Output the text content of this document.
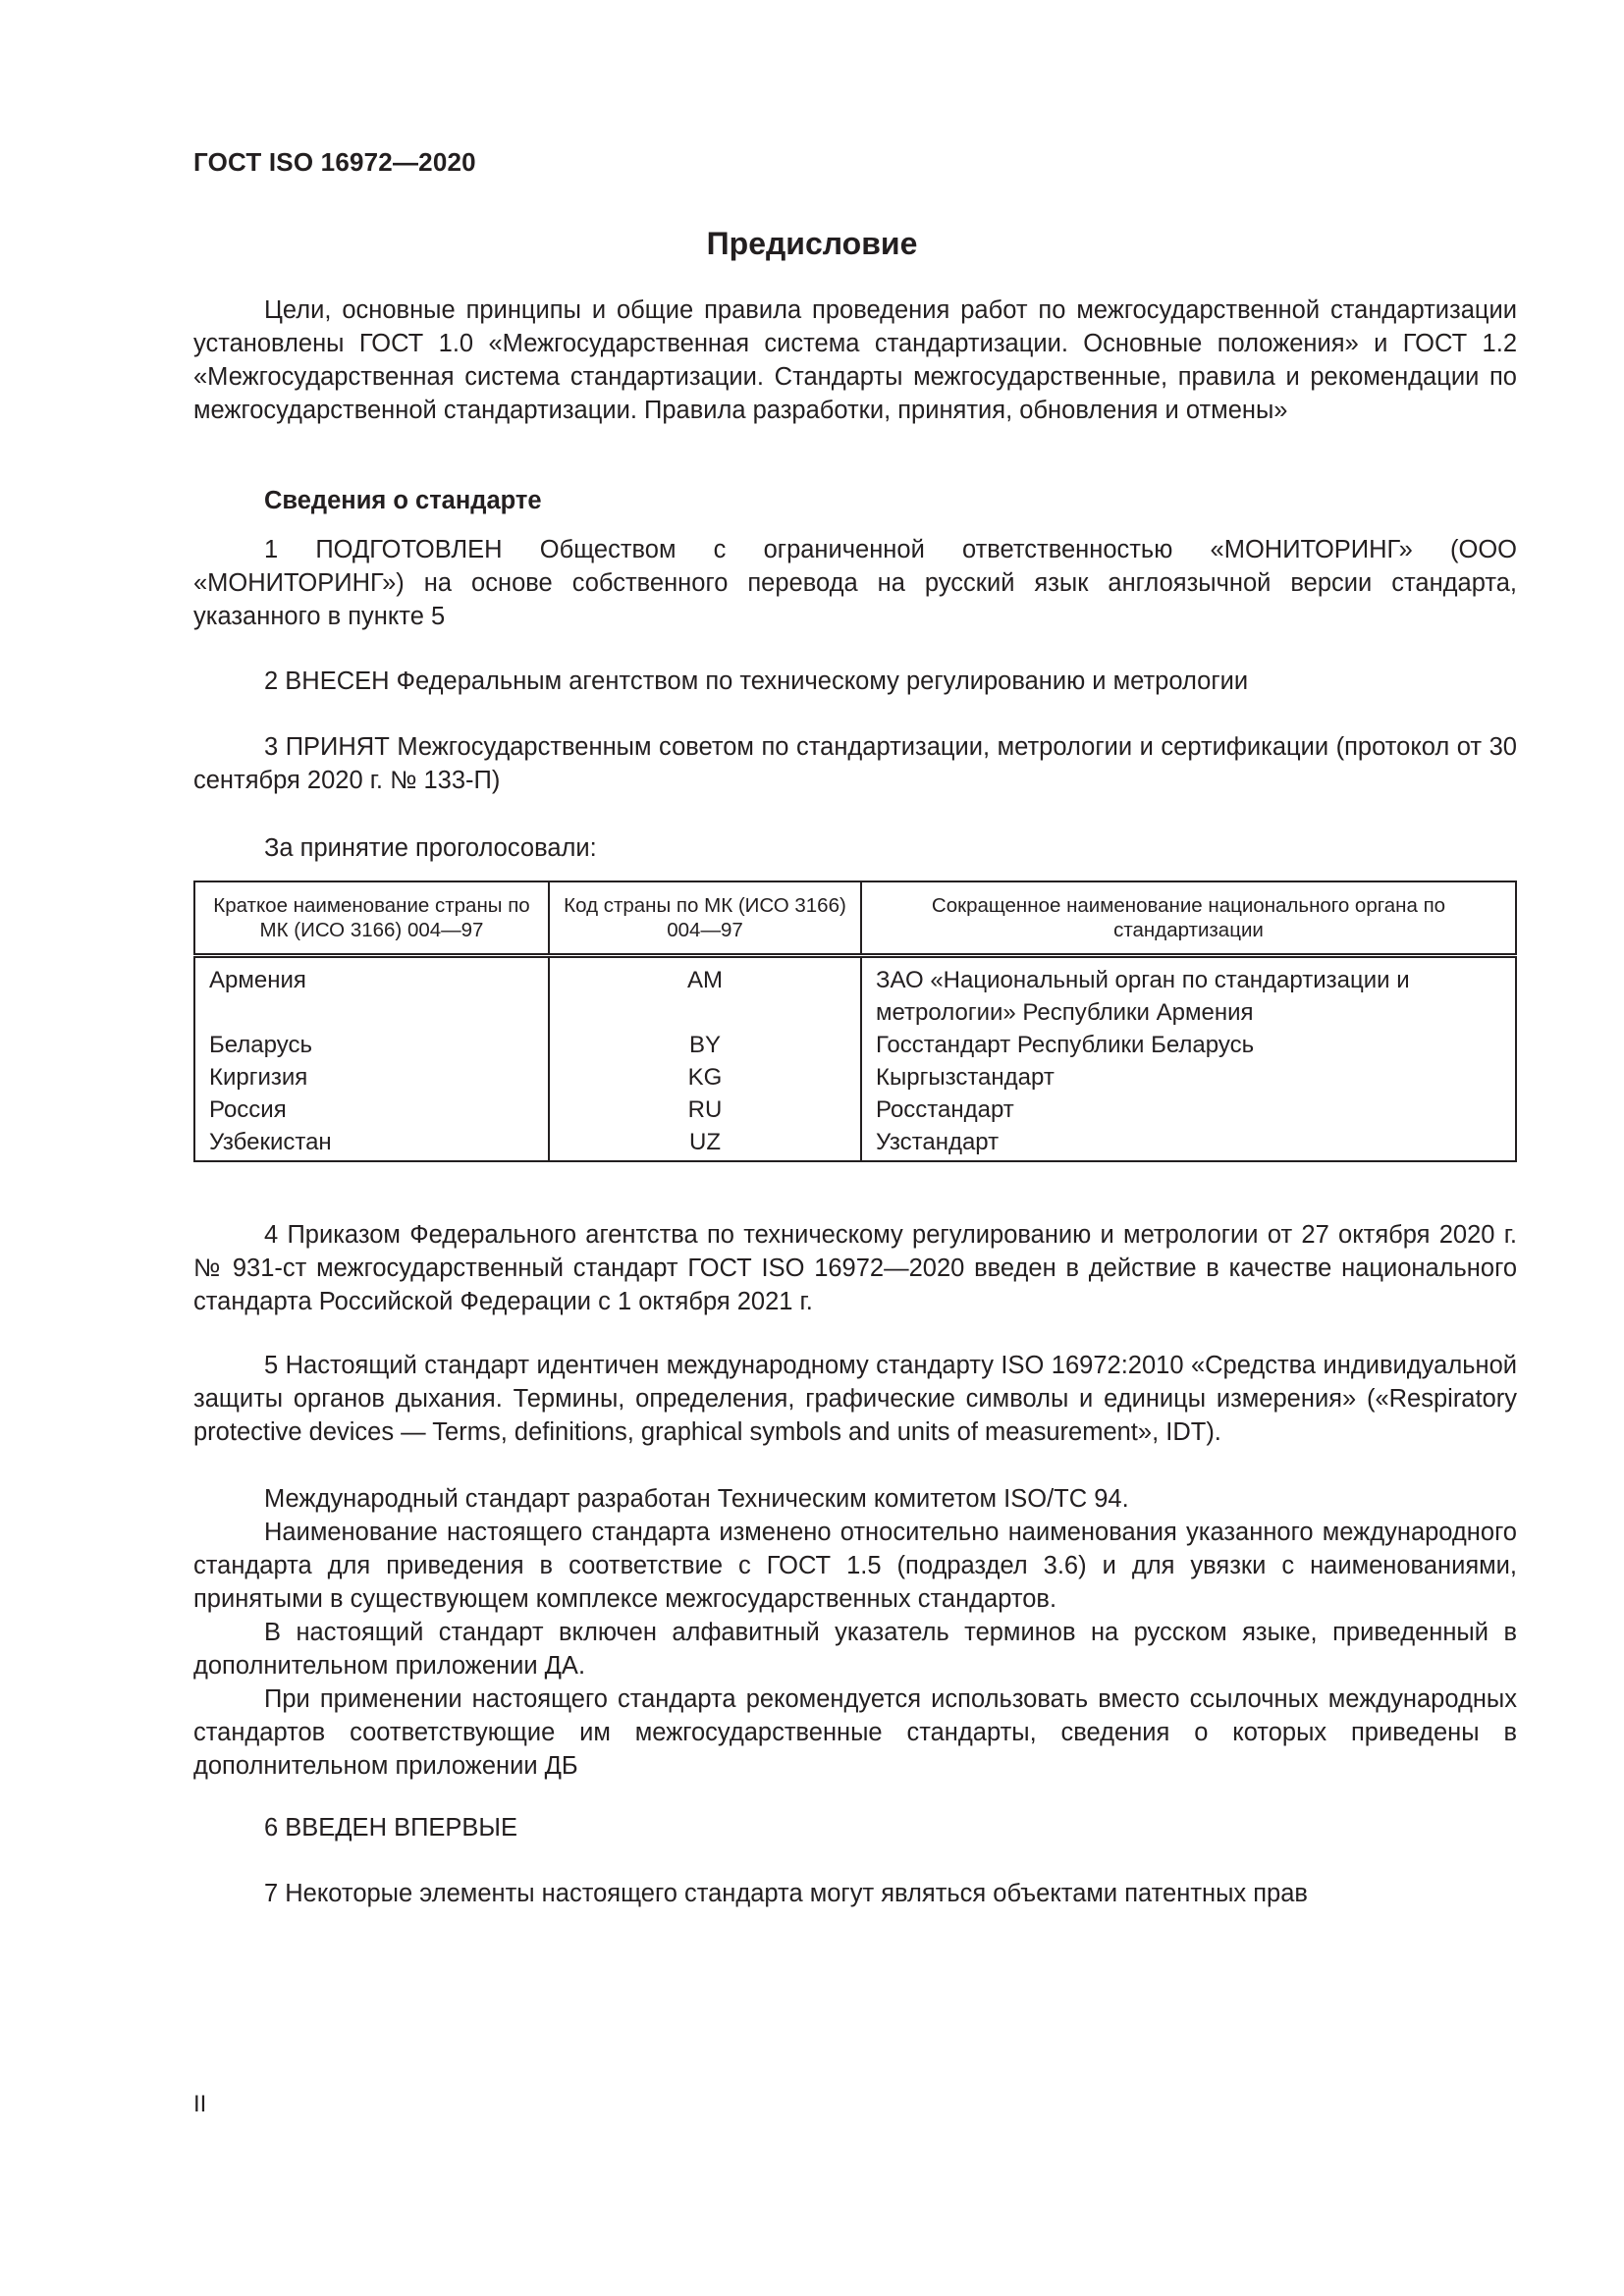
ГОСТ ISO 16972—2020
Предисловие
Цели, основные принципы и общие правила проведения работ по межгосударственной стандартизации установлены ГОСТ 1.0 «Межгосударственная система стандартизации. Основные положения» и ГОСТ 1.2 «Межгосударственная система стандартизации. Стандарты межгосударственные, правила и рекомендации по межгосударственной стандартизации. Правила разработки, принятия, обновления и отмены»
Сведения о стандарте
1 ПОДГОТОВЛЕН Обществом с ограниченной ответственностью «МОНИТОРИНГ» (ООО «МОНИТОРИНГ») на основе собственного перевода на русский язык англоязычной версии стандарта, указанного в пункте 5
2 ВНЕСЕН Федеральным агентством по техническому регулированию и метрологии
3 ПРИНЯТ Межгосударственным советом по стандартизации, метрологии и сертификации (протокол от 30 сентября 2020 г. № 133-П)
За принятие проголосовали:
Краткое наименование страны по МК (ИСО 3166) 004—97	Код страны по МК (ИСО 3166) 004—97	Сокращенное наименование национального органа по стандартизации
Армения	AM	ЗАО «Национальный орган по стандартизации и метрологии» Республики Армения
Беларусь	BY	Госстандарт Республики Беларусь
Киргизия	KG	Кыргызстандарт
Россия	RU	Росстандарт
Узбекистан	UZ	Узстандарт
4 Приказом Федерального агентства по техническому регулированию и метрологии от 27 октября 2020 г. № 931-ст межгосударственный стандарт ГОСТ ISO 16972—2020 введен в действие в качестве национального стандарта Российской Федерации с 1 октября 2021 г.
5 Настоящий стандарт идентичен международному стандарту ISO 16972:2010 «Средства индивидуальной защиты органов дыхания. Термины, определения, графические символы и единицы измерения» («Respiratory protective devices — Terms, definitions, graphical symbols and units of measurement», IDT).
Международный стандарт разработан Техническим комитетом ISO/TC 94.
Наименование настоящего стандарта изменено относительно наименования указанного международного стандарта для приведения в соответствие с ГОСТ 1.5 (подраздел 3.6) и для увязки с наименованиями, принятыми в существующем комплексе межгосударственных стандартов.
В настоящий стандарт включен алфавитный указатель терминов на русском языке, приведенный в дополнительном приложении ДА.
При применении настоящего стандарта рекомендуется использовать вместо ссылочных международных стандартов соответствующие им межгосударственные стандарты, сведения о которых приведены в дополнительном приложении ДБ
6 ВВЕДЕН ВПЕРВЫЕ
7 Некоторые элементы настоящего стандарта могут являться объектами патентных прав
II
